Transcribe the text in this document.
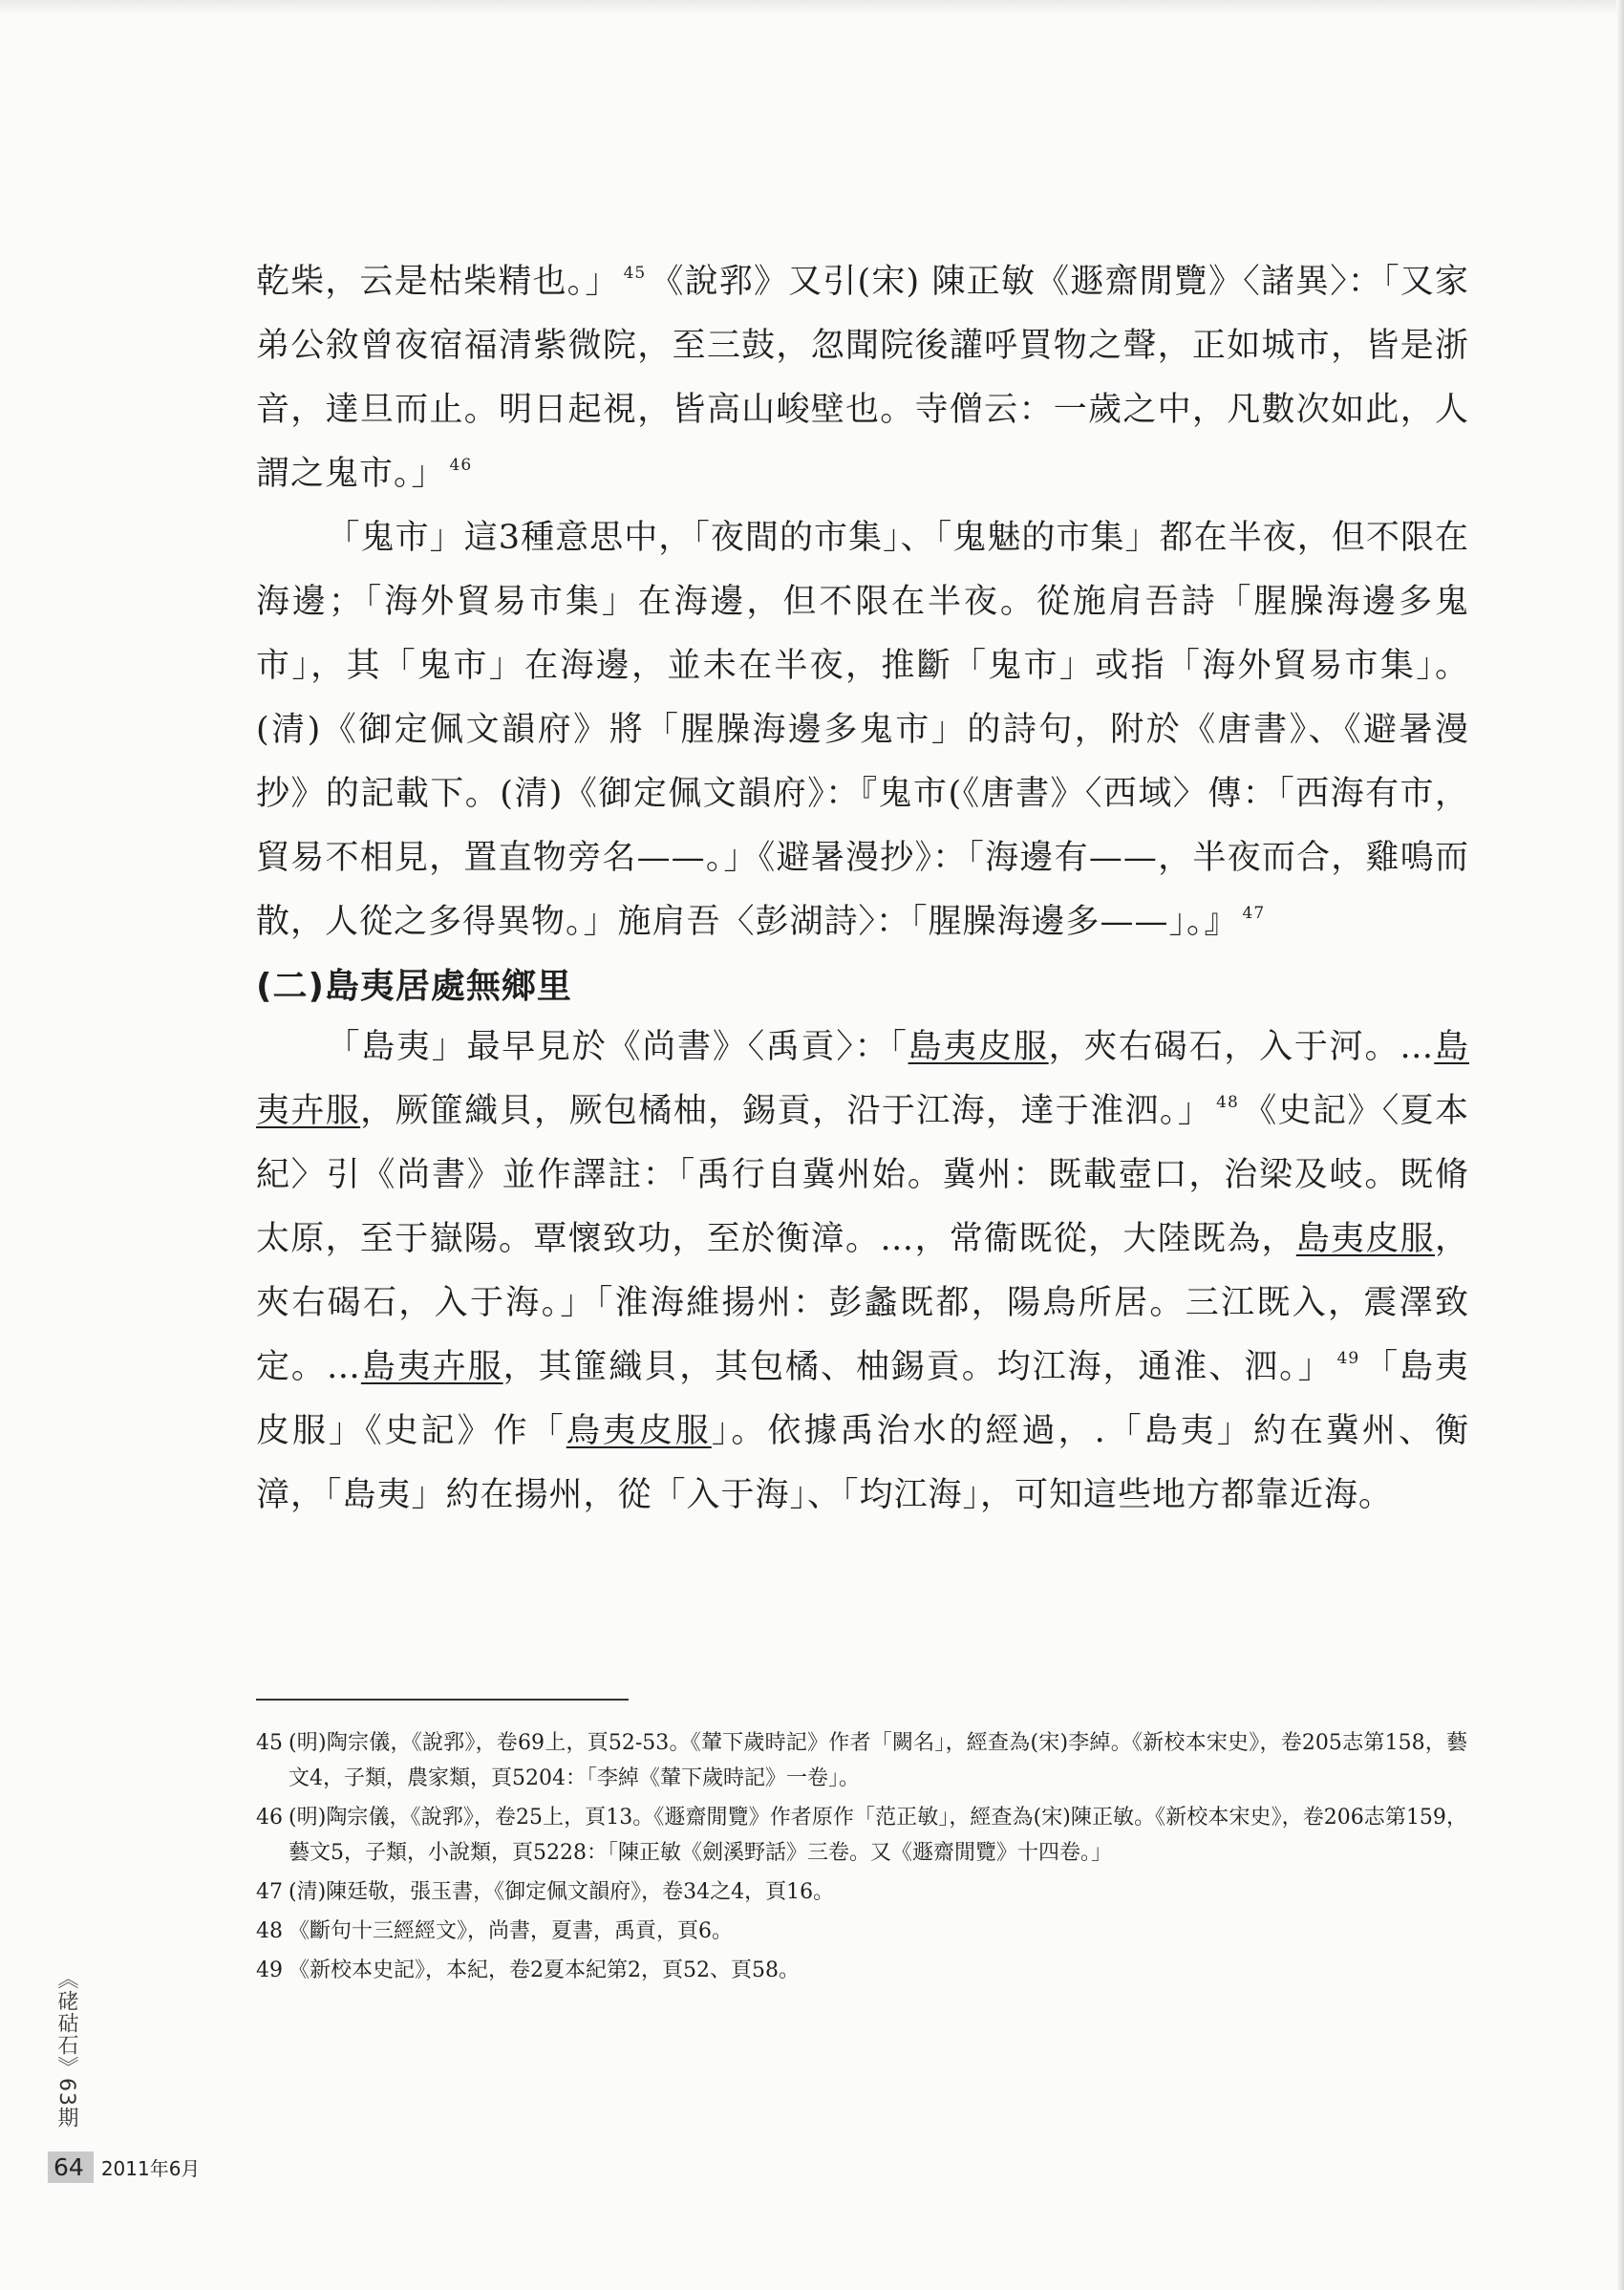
乾柴，云是枯柴精也。」 $^{45}$ 《說郛》又引(宋) 陳正敏《遯齋閒覽》〈諸異〉：「又家弟公敘曾夜宿福清紫微院，至三鼓，忽聞院後讙呼買物之聲，正如城市，皆是浙音，達旦而止。明日起視，皆高山峻壁也。寺僧云：一歲之中，凡數次如此，人謂之鬼市。」 $^{46}$

「鬼市」這3種意思中，「夜間的市集」、「鬼魅的市集」都在半夜，但不限在海邊；「海外貿易市集」在海邊，但不限在半夜。從施肩吾詩「腥臊海邊多鬼市」，其「鬼市」在海邊，並未在半夜，推斷「鬼市」或指「海外貿易市集」。(清)《御定佩文韻府》將「腥臊海邊多鬼市」的詩句，附於《唐書》、《避暑漫抄》的記載下。(清)《御定佩文韻府》：『鬼市(《唐書》〈西域〉傳：「西海有市，貿易不相見，置直物旁名——。」《避暑漫抄》：「海邊有——，半夜而合，雞鳴而散，人從之多得異物。」施肩吾〈彭湖詩〉：「腥臊海邊多——」。』 $^{47}$

(二)島夷居處無鄉里

「島夷」最早見於《尚書》〈禹貢〉：「島夷皮服，夾右碣石，入于河。…島夷卉服，厥篚織貝，厥包橘柚，錫貢，沿于江海，達于淮泗。」 $^{48}$ 《史記》〈夏本紀〉引《尚書》並作譯註：「禹行自冀州始。冀州：既載壺口，治梁及岐。既脩太原，至于嶽陽。覃懷致功，至於衡漳。…，常衞既從，大陸既為，島夷皮服，夾右碣石，入于海。」「淮海維揚州：彭蠡既都，陽鳥所居。三江既入，震澤致定。…島夷卉服，其篚織貝，其包橘、柚錫貢。均江海，通淮、泗。」 $^{49}$ 「島夷皮服」《史記》作「鳥夷皮服」。依據禹治水的經過，.「島夷」約在冀州、衡漳，「島夷」約在揚州，從「入于海」、「均江海」，可知這些地方都靠近海。

45 (明)陶宗儀，《說郛》，卷69上，頁52-53。《輦下歲時記》作者「闕名」，經查為(宋)李綽。《新校本宋史》，卷205志第158，藝文4，子類，農家類，頁5204：「李綽《輦下歲時記》一卷」。
46 (明)陶宗儀，《說郛》，卷25上，頁13。《遯齋閒覽》作者原作「范正敏」，經查為(宋)陳正敏。《新校本宋史》，卷206志第159，藝文5，子類，小說類，頁5228：「陳正敏《劍溪野話》三卷。又《遯齋閒覽》十四卷。」
47 (清)陳廷敬，張玉書，《御定佩文韻府》，卷34之4，頁16。
48 《斷句十三經經文》，尚書，夏書，禹貢，頁6。
49 《新校本史記》，本紀，卷2夏本紀第2，頁52、頁58。
《硓𥑮石》63期
64 2011年6月
